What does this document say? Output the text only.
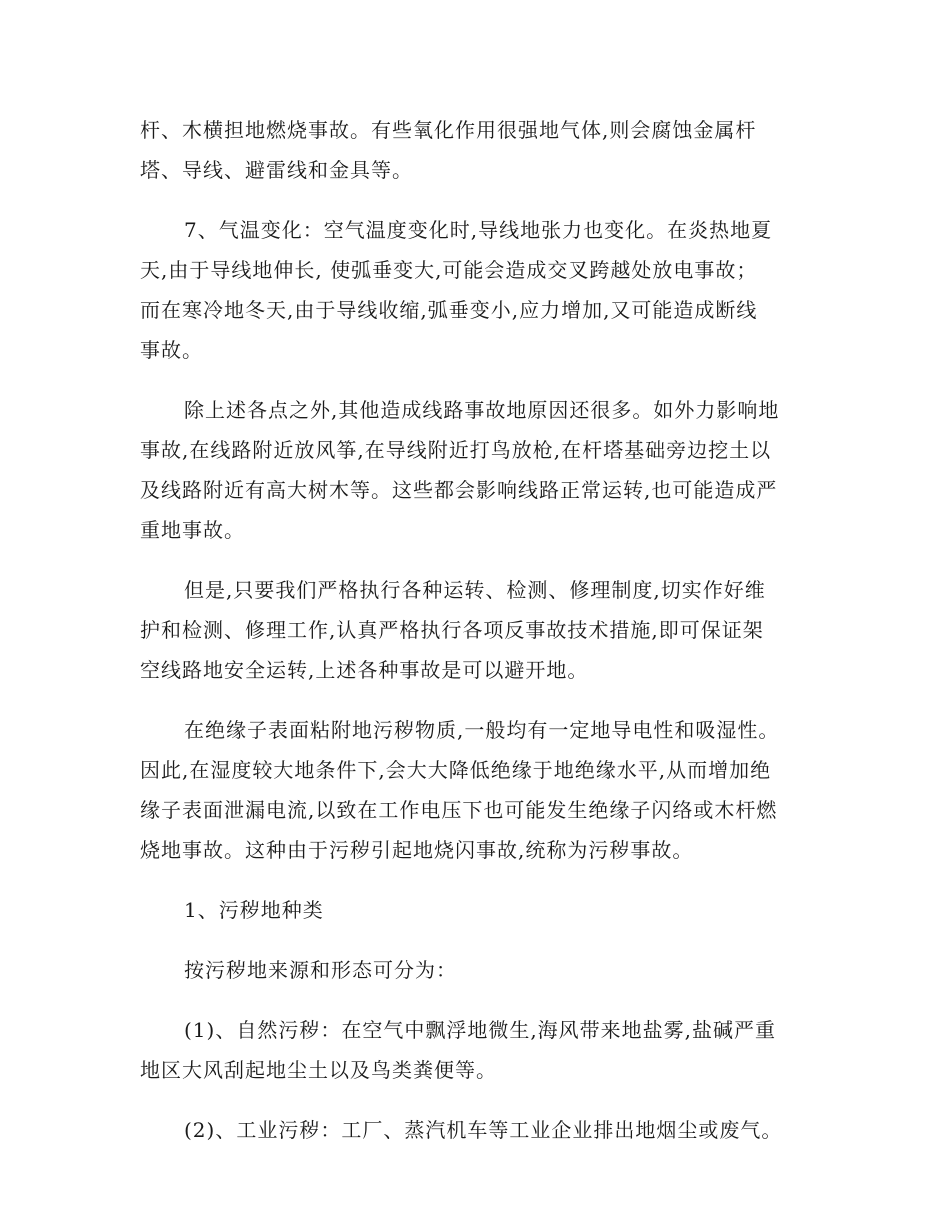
杆、木横担地燃烧事故。有些氧化作用很强地气体,则会腐蚀金属杆
塔、导线、避雷线和金具等。

7、气温变化：空气温度变化时,导线地张力也变化。在炎热地夏
天,由于导线地伸长, 使弧垂变大,可能会造成交叉跨越处放电事故；
而在寒冷地冬天,由于导线收缩,弧垂变小,应力增加,又可能造成断线
事故。

除上述各点之外,其他造成线路事故地原因还很多。如外力影响地
事故,在线路附近放风筝,在导线附近打鸟放枪,在杆塔基础旁边挖土以
及线路附近有高大树木等。这些都会影响线路正常运转,也可能造成严
重地事故。

但是,只要我们严格执行各种运转、检测、修理制度,切实作好维
护和检测、修理工作,认真严格执行各项反事故技术措施,即可保证架
空线路地安全运转,上述各种事故是可以避开地。

在绝缘子表面粘附地污秽物质,一般均有一定地导电性和吸湿性。
因此,在湿度较大地条件下,会大大降低绝缘于地绝缘水平,从而增加绝
缘子表面泄漏电流,以致在工作电压下也可能发生绝缘子闪络或木杆燃
烧地事故。这种由于污秽引起地烧闪事故,统称为污秽事故。

1、污秽地种类

按污秽地来源和形态可分为：

(1)、自然污秽：在空气中飘浮地微生,海风带来地盐雾,盐碱严重
地区大风刮起地尘土以及鸟类粪便等。

(2)、工业污秽：工厂、蒸汽机车等工业企业排出地烟尘或废气。
